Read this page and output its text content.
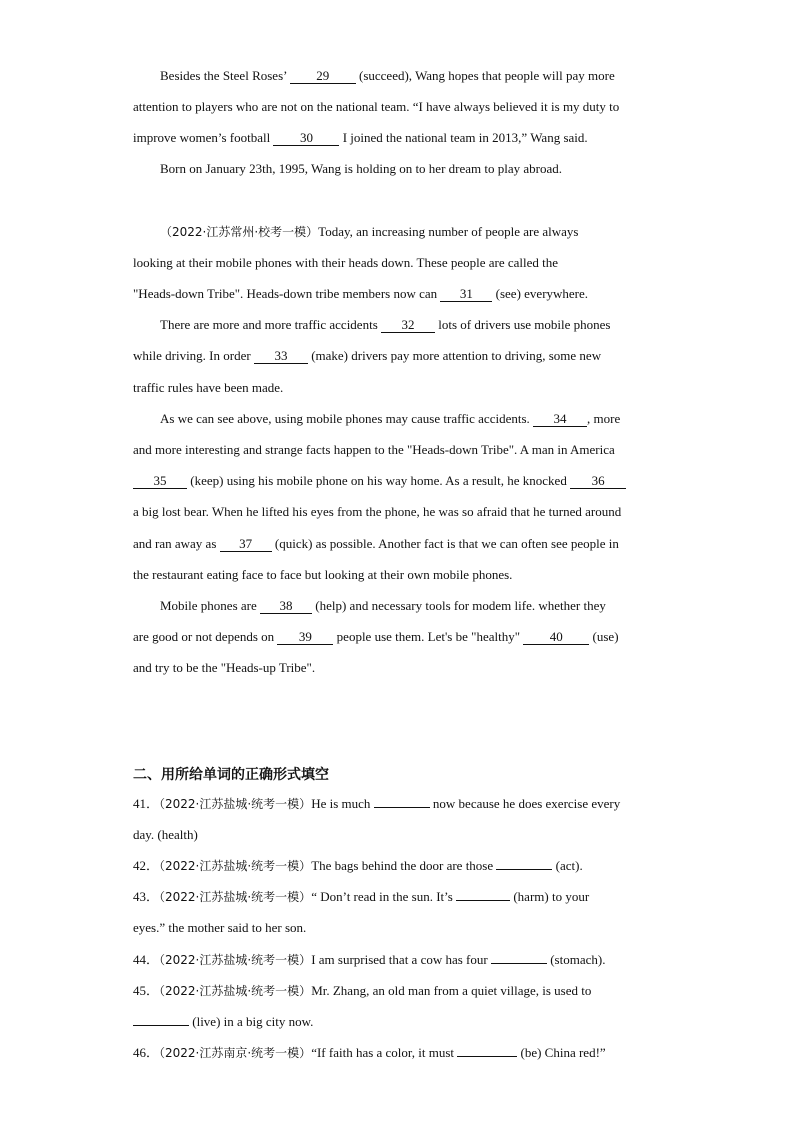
Besides the Steel Roses’ 29 (succeed), Wang hopes that people will pay more
attention to players who are not on the national team. “I have always believed it is my duty to
improve women’s football 30 I joined the national team in 2013,” Wang said.
Born on January 23th, 1995, Wang is holding on to her dream to play abroad.
（2022·江苏常州·校考一模）Today, an increasing number of people are always
looking at their mobile phones with their heads down. These people are called the
"Heads-down Tribe". Heads-down tribe members now can 31 (see) everywhere.
There are more and more traffic accidents 32 lots of drivers use mobile phones
while driving. In order 33 (make) drivers pay more attention to driving, some new
traffic rules have been made.
As we can see above, using mobile phones may cause traffic accidents. 34 , more
and more interesting and strange facts happen to the "Heads-down Tribe". A man in America
35 (keep) using his mobile phone on his way home. As a result, he knocked 36
a big lost bear. When he lifted his eyes from the phone, he was so afraid that he turned around
and ran away as 37 (quick) as possible. Another fact is that we can often see people in
the restaurant eating face to face but looking at their own mobile phones.
Mobile phones are 38 (help) and necessary tools for modem life. whether they
are good or not depends on 39 people use them. Let's be "healthy" 40 (use)
and try to be the "Heads-up Tribe".
二、用所给单词的正确形式填空
41．（2022·江苏盐城·统考一模）He is much	now because he does exercise every
day. (health)
42．（2022·江苏盐城·统考一模）The bags behind the door are those	(act).
43．（2022·江苏盐城·统考一模）“ Don’t read in the sun. It’s	(harm) to your
eyes.” the mother said to her son.
44．（2022·江苏盐城·统考一模）I am surprised that a cow has four	(stomach).
45．（2022·江苏盐城·统考一模）Mr. Zhang, an old man from a quiet village, is used to
(live) in a big city now.
46．（2022·江苏南京·统考一模）“If faith has a color, it must	(be) China red!”
